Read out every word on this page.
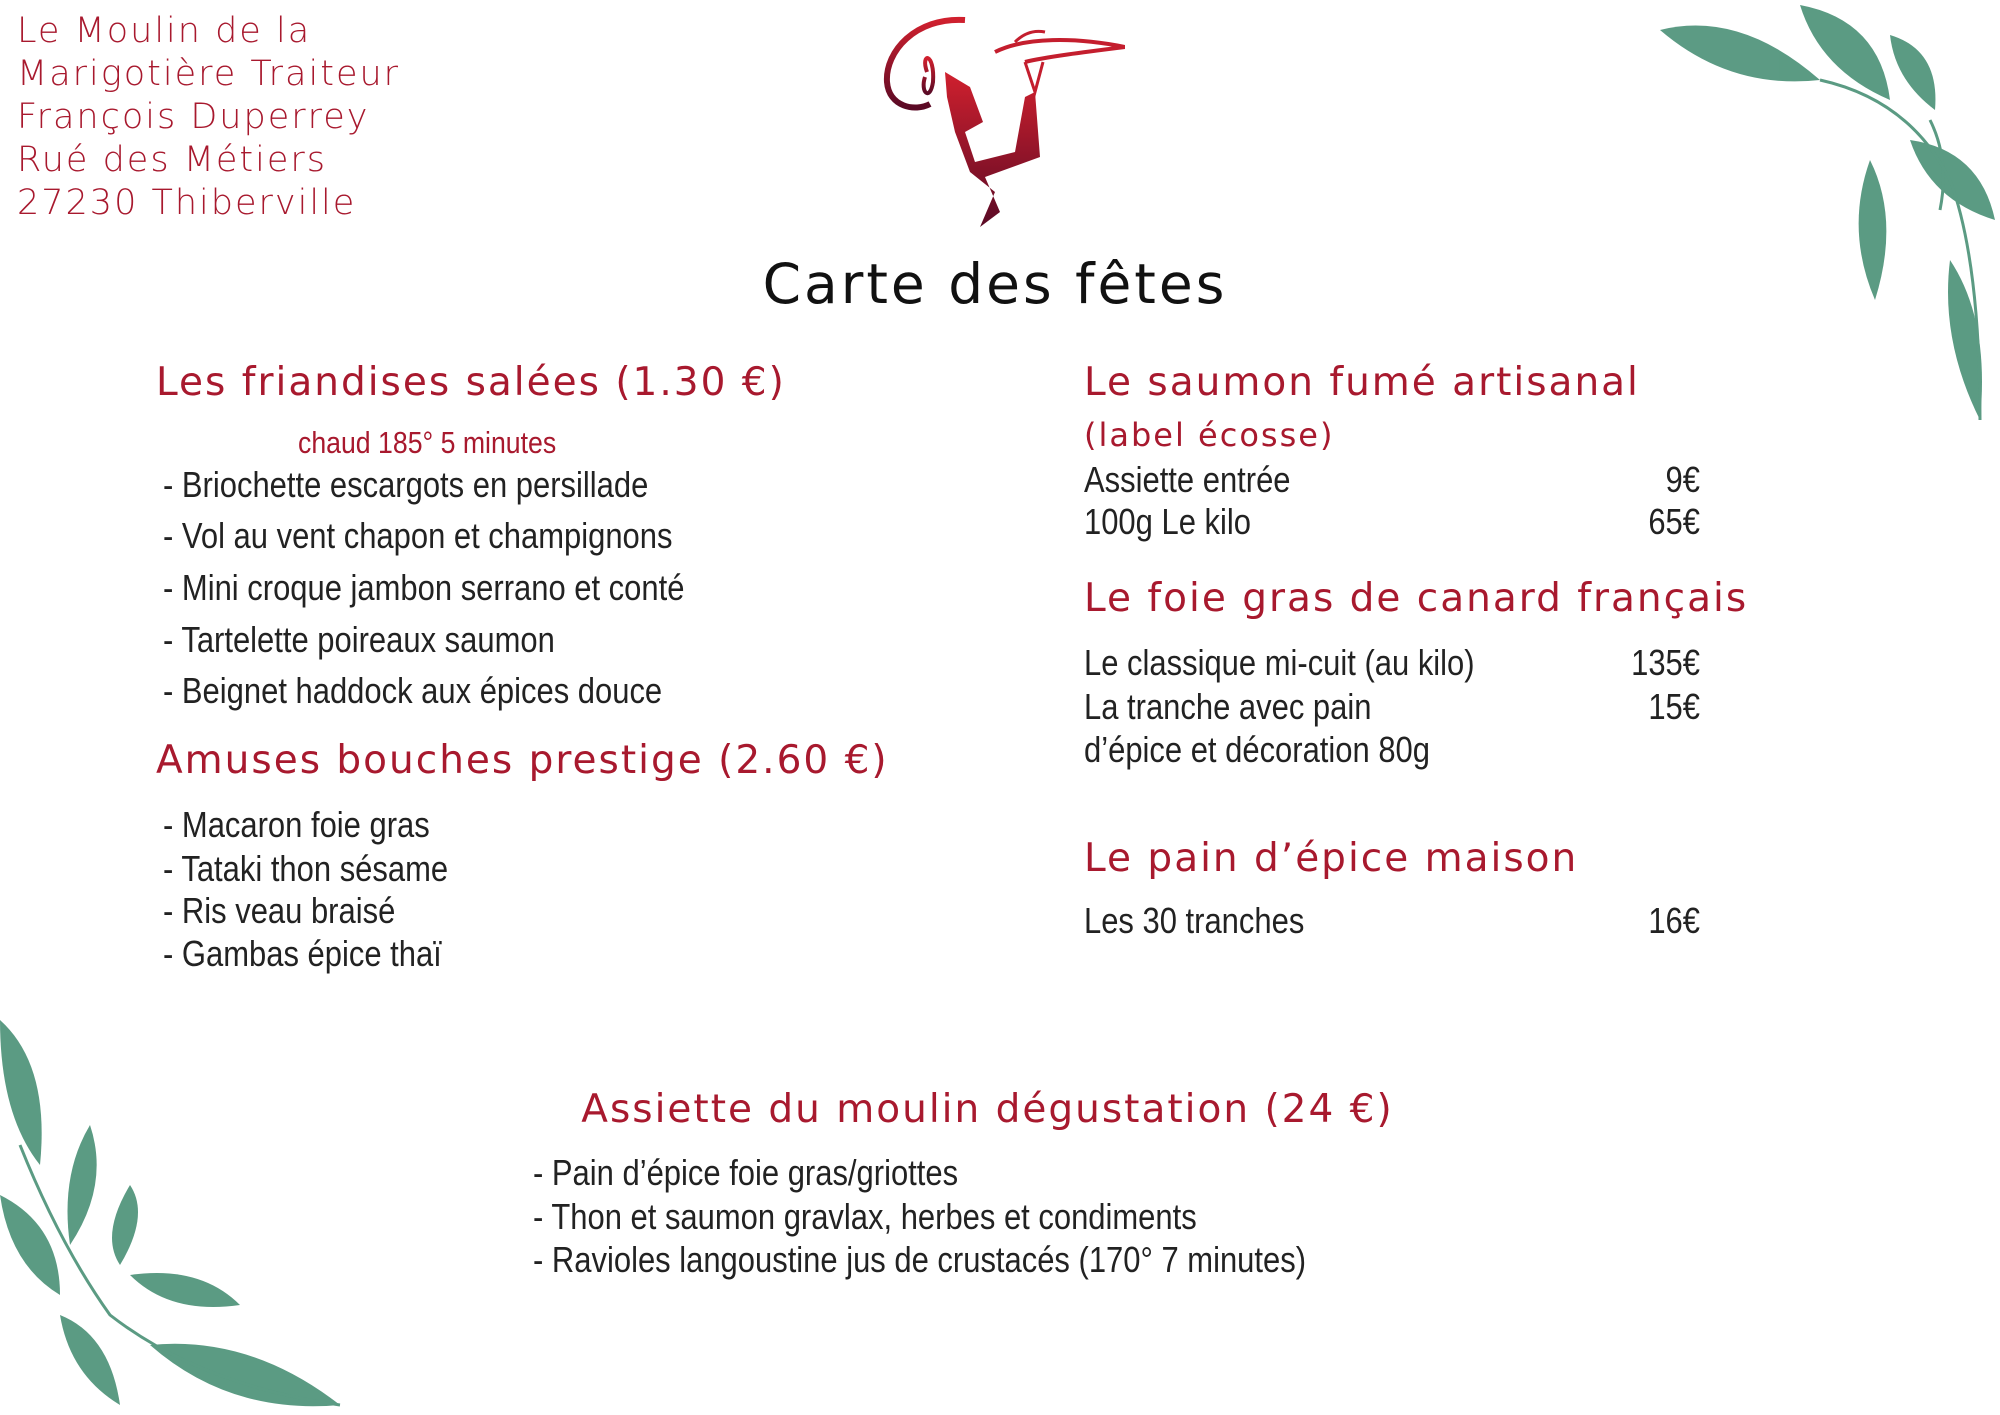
Le Moulin de la
Marigotière Traiteur
François Duperrey
Rué des Métiers
27230 Thiberville
Carte des fêtes
Les friandises salées (1.30 €)
chaud 185° 5 minutes
- Briochette escargots en persillade
- Vol au vent chapon et champignons
- Mini croque jambon serrano et conté
- Tartelette poireaux saumon
- Beignet haddock aux épices douce
Amuses bouches prestige (2.60 €)
- Macaron foie gras
- Tataki thon sésame
- Ris veau braisé
- Gambas épice thaï
Le saumon fumé artisanal
(label écosse)
Assiette entrée	9€
100g Le kilo	65€
Le foie gras de canard français
Le classique mi-cuit (au kilo)	135€
La tranche avec pain	15€
d’épice et décoration 80g
Le pain d’épice maison
Les 30 tranches	16€
Assiette du moulin dégustation (24 €)
- Pain d’épice foie gras/griottes
- Thon et saumon gravlax, herbes et condiments
- Ravioles langoustine jus de crustacés (170° 7 minutes)
